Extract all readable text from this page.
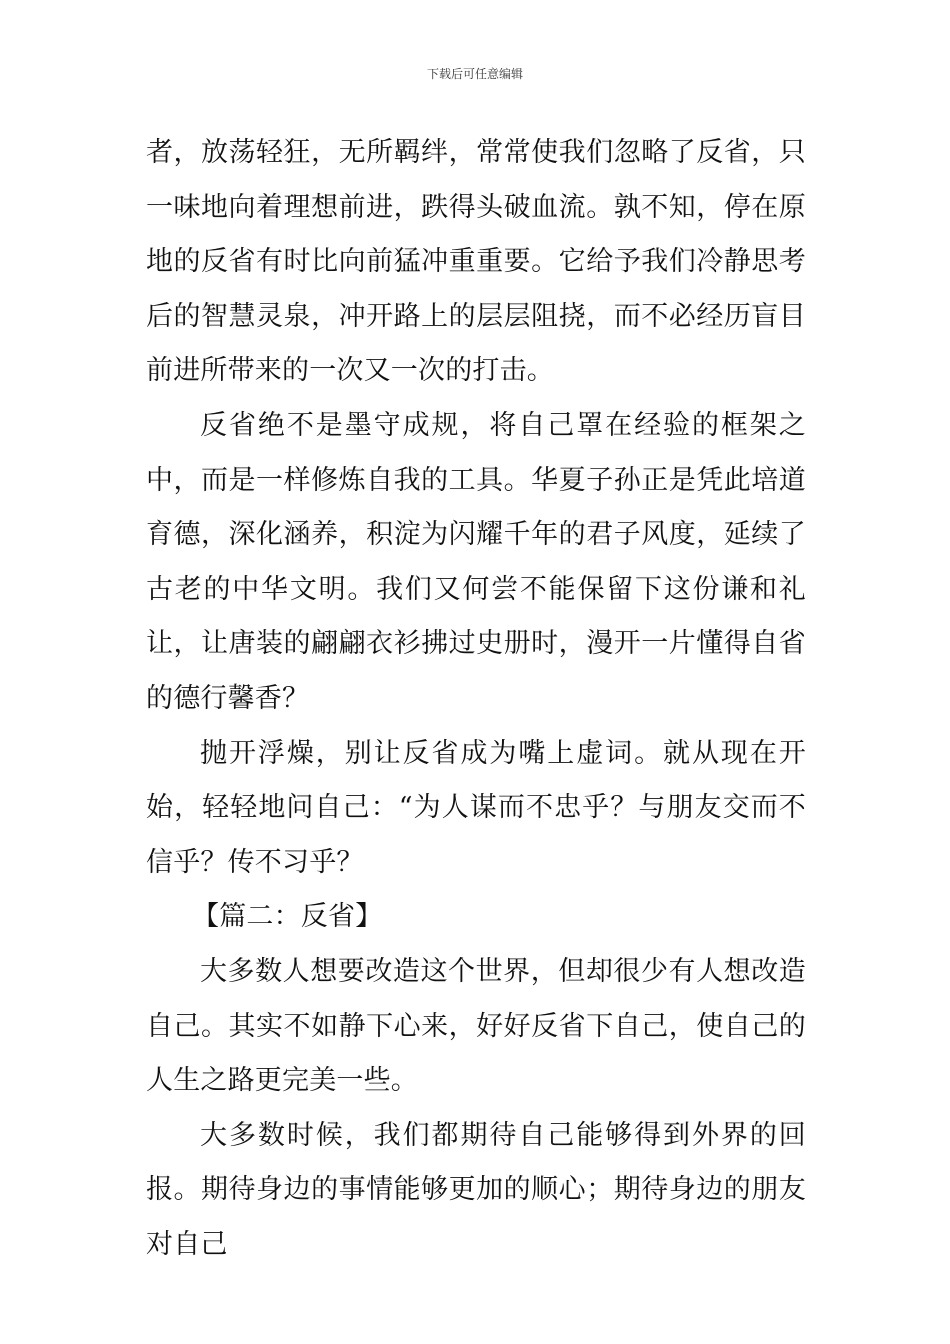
下载后可任意编辑

者，放荡轻狂，无所羁绊，常常使我们忽略了反省，只一味地向着理想前进，跌得头破血流。孰不知，停在原地的反省有时比向前猛冲重重要。它给予我们冷静思考后的智慧灵泉，冲开路上的层层阻挠，而不必经历盲目前进所带来的一次又一次的打击。

反省绝不是墨守成规，将自己罩在经验的框架之中，而是一样修炼自我的工具。华夏子孙正是凭此培道育德，深化涵养，积淀为闪耀千年的君子风度，延续了古老的中华文明。我们又何尝不能保留下这份谦和礼让，让唐装的翩翩衣衫拂过史册时，漫开一片懂得自省的德行馨香？

抛开浮燥，别让反省成为嘴上虚词。就从现在开始，轻轻地问自己：“为人谋而不忠乎？与朋友交而不信乎？传不习乎？

【篇二：反省】

大多数人想要改造这个世界，但却很少有人想改造自己。其实不如静下心来，好好反省下自己，使自己的人生之路更完美一些。

大多数时候，我们都期待自己能够得到外界的回报。期待身边的事情能够更加的顺心；期待身边的朋友对自己
